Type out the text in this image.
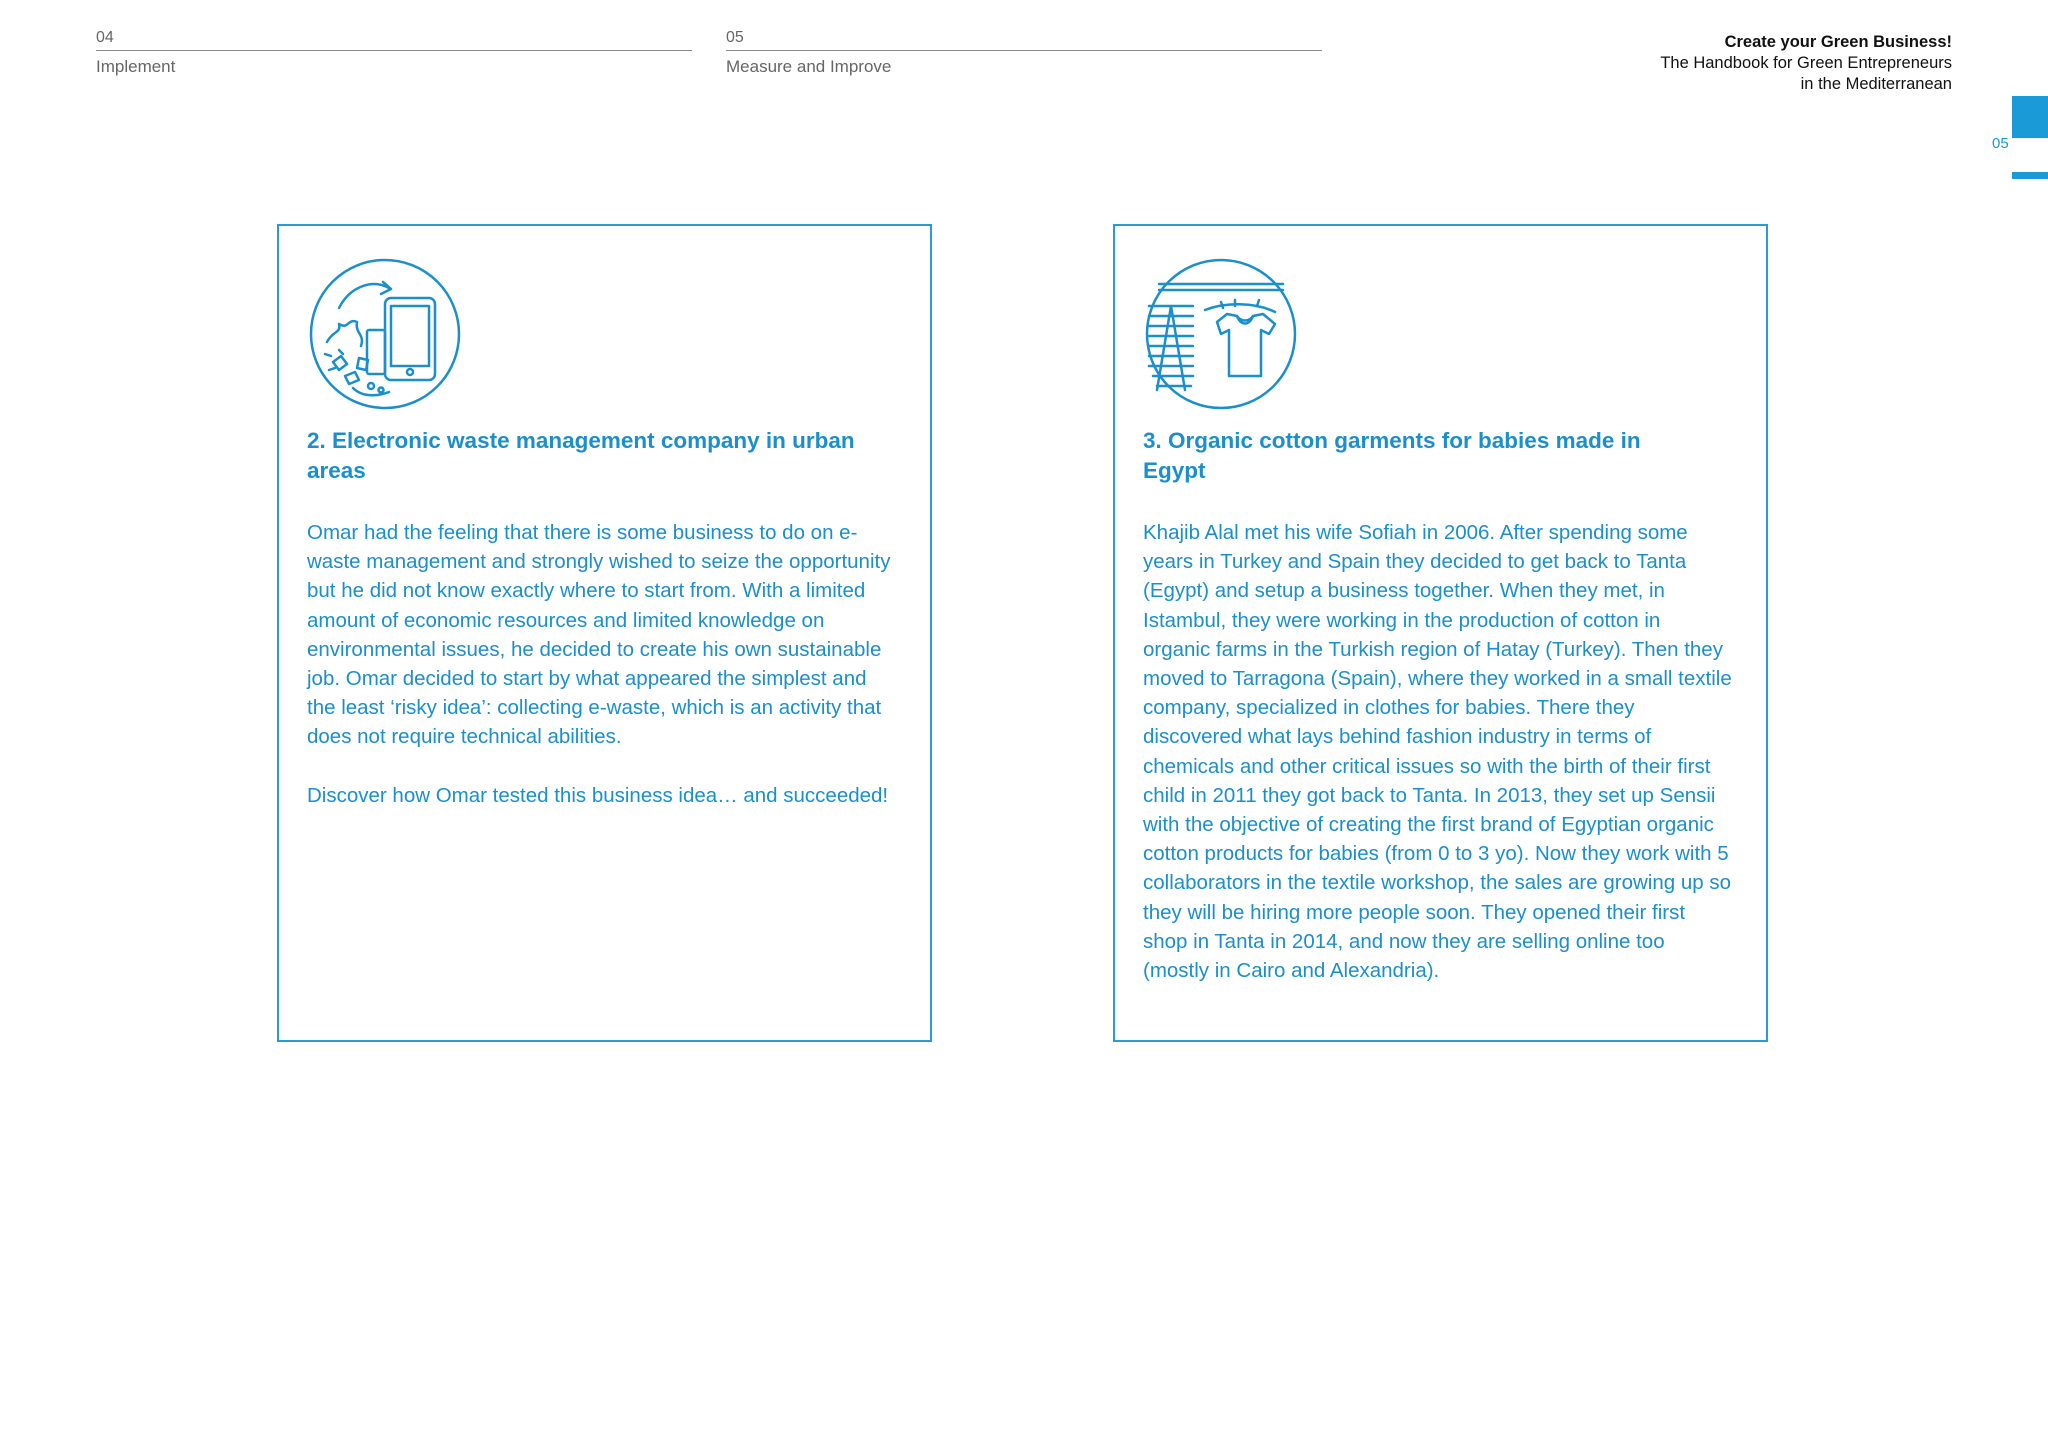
04
Implement
05
Measure and Improve
Create your Green Business!
The Handbook for Green Entrepreneurs
in the Mediterranean
05
2. Electronic waste management company in urban areas

Omar had the feeling that there is some business to do on e-waste management and strongly wished to seize the opportunity but he did not know exactly where to start from. With a limited amount of economic resources and limited knowledge on environmental issues, he decided to create his own sustainable job. Omar decided to start by what appeared the simplest and the least ‘risky idea’: collecting e-waste, which is an activity that does not require technical abilities.

Discover how Omar tested this business idea… and succeeded!

3. Organic cotton garments for babies made in Egypt

Khajib Alal met his wife Sofiah in 2006. After spending some years in Turkey and Spain they decided to get back to Tanta (Egypt) and setup a business together. When they met, in Istambul, they were working in the production of cotton in organic farms in the Turkish region of Hatay (Turkey). Then they moved to Tarragona (Spain), where they worked in a small textile company, specialized in clothes for babies. There they discovered what lays behind fashion industry in terms of chemicals and other critical issues so with the birth of their first child in 2011 they got back to Tanta. In 2013, they set up Sensii with the objective of creating the first brand of Egyptian organic cotton products for babies (from 0 to 3 yo). Now they work with 5 collaborators in the textile workshop, the sales are growing up so they will be hiring more people soon. They opened their first shop in Tanta in 2014, and now they are selling online too (mostly in Cairo and Alexandria).
